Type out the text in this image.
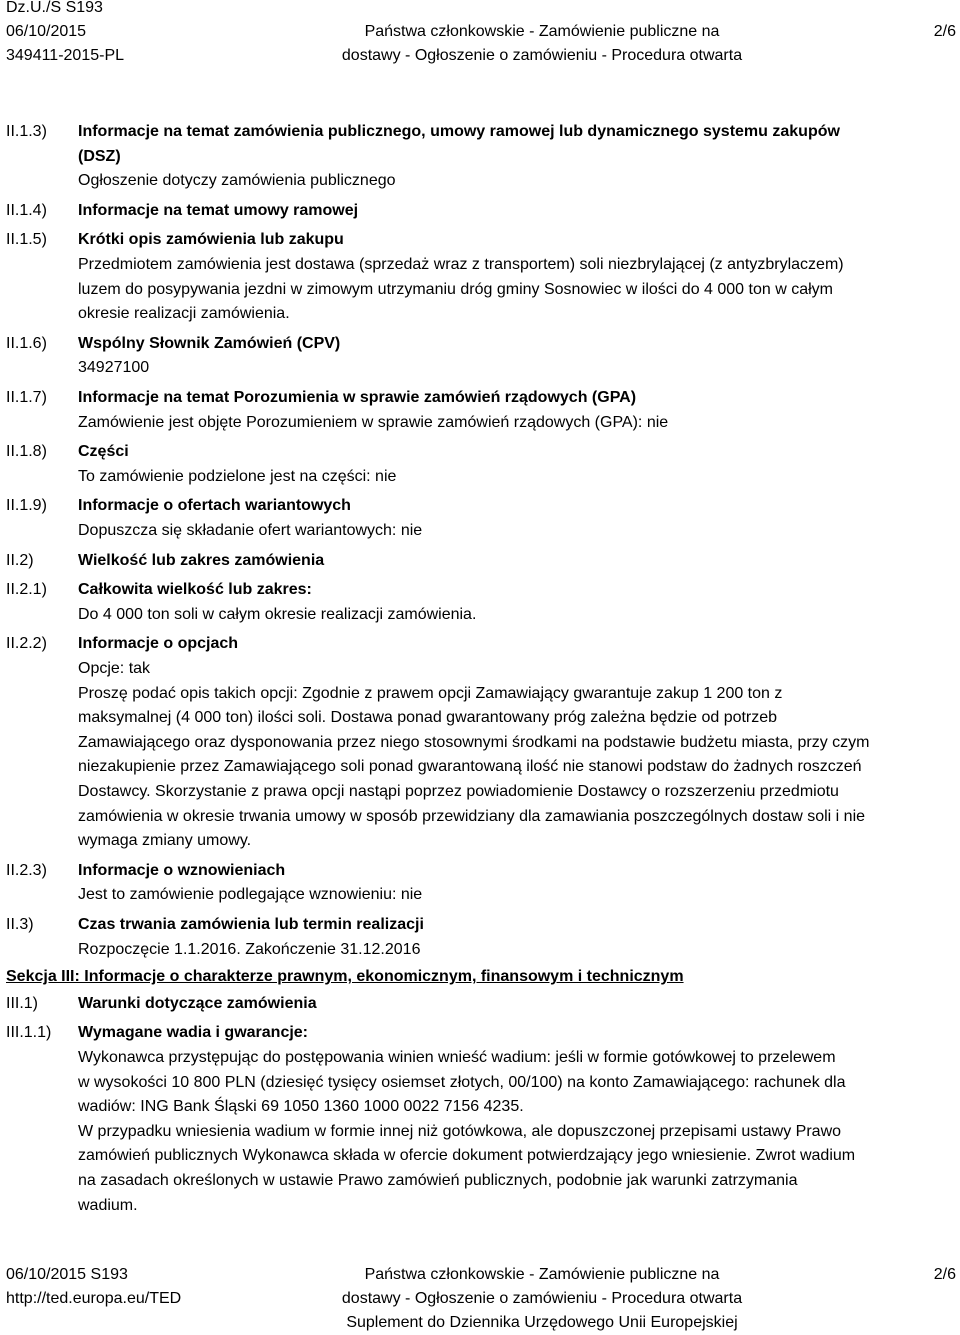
Dz.U./S S193
06/10/2015
349411-2015-PL
Państwa członkowskie - Zamówienie publiczne na
dostawy - Ogłoszenie o zamówieniu - Procedura otwarta
2/6
II.1.3) Informacje na temat zamówienia publicznego, umowy ramowej lub dynamicznego systemu zakupów
(DSZ)
Ogłoszenie dotyczy zamówienia publicznego
II.1.4) Informacje na temat umowy ramowej
II.1.5) Krótki opis zamówienia lub zakupu
Przedmiotem zamówienia jest dostawa (sprzedaż wraz z transportem) soli niezbrylającej (z antyzbrylaczem)
luzem do posypywania jezdni w zimowym utrzymaniu dróg gminy Sosnowiec w ilości do 4 000 ton w całym
okresie realizacji zamówienia.
II.1.6) Wspólny Słownik Zamówień (CPV)
34927100
II.1.7) Informacje na temat Porozumienia w sprawie zamówień rządowych (GPA)
Zamówienie jest objęte Porozumieniem w sprawie zamówień rządowych (GPA): nie
II.1.8) Części
To zamówienie podzielone jest na części: nie
II.1.9) Informacje o ofertach wariantowych
Dopuszcza się składanie ofert wariantowych: nie
II.2)	Wielkość lub zakres zamówienia
II.2.1) Całkowita wielkość lub zakres:
Do 4 000 ton soli w całym okresie realizacji zamówienia.
II.2.2) Informacje o opcjach
Opcje: tak
Proszę podać opis takich opcji: Zgodnie z prawem opcji Zamawiający gwarantuje zakup 1 200 ton z
maksymalnej (4 000 ton) ilości soli. Dostawa ponad gwarantowany próg zależna będzie od potrzeb
Zamawiającego oraz dysponowania przez niego stosownymi środkami na podstawie budżetu miasta, przy czym
niezakupienie przez Zamawiającego soli ponad gwarantowaną ilość nie stanowi podstaw do żadnych roszczeń
Dostawcy. Skorzystanie z prawa opcji nastąpi poprzez powiadomienie Dostawcy o rozszerzeniu przedmiotu
zamówienia w okresie trwania umowy w sposób przewidziany dla zamawiania poszczególnych dostaw soli i nie
wymaga zmiany umowy.
II.2.3) Informacje o wznowieniach
Jest to zamówienie podlegające wznowieniu: nie
II.3)	Czas trwania zamówienia lub termin realizacji
Rozpoczęcie 1.1.2016. Zakończenie 31.12.2016
Sekcja III: Informacje o charakterze prawnym, ekonomicznym, finansowym i technicznym
III.1) Warunki dotyczące zamówienia
III.1.1) Wymagane wadia i gwarancje:
Wykonawca przystępując do postępowania winien wnieść wadium: jeśli w formie gotówkowej to przelewem
w wysokości 10 800 PLN (dziesięć tysięcy osiemset złotych, 00/100) na konto Zamawiającego: rachunek dla
wadiów: ING Bank Śląski 69 1050 1360 1000 0022 7156 4235.
W przypadku wniesienia wadium w formie innej niż gotówkowa, ale dopuszczonej przepisami ustawy Prawo
zamówień publicznych Wykonawca składa w ofercie dokument potwierdzający jego wniesienie. Zwrot wadium
na zasadach określonych w ustawie Prawo zamówień publicznych, podobnie jak warunki zatrzymania
wadium.
06/10/2015 S193
http://ted.europa.eu/TED
Państwa członkowskie - Zamówienie publiczne na
dostawy - Ogłoszenie o zamówieniu - Procedura otwarta
Suplement do Dziennika Urzędowego Unii Europejskiej
2/6
